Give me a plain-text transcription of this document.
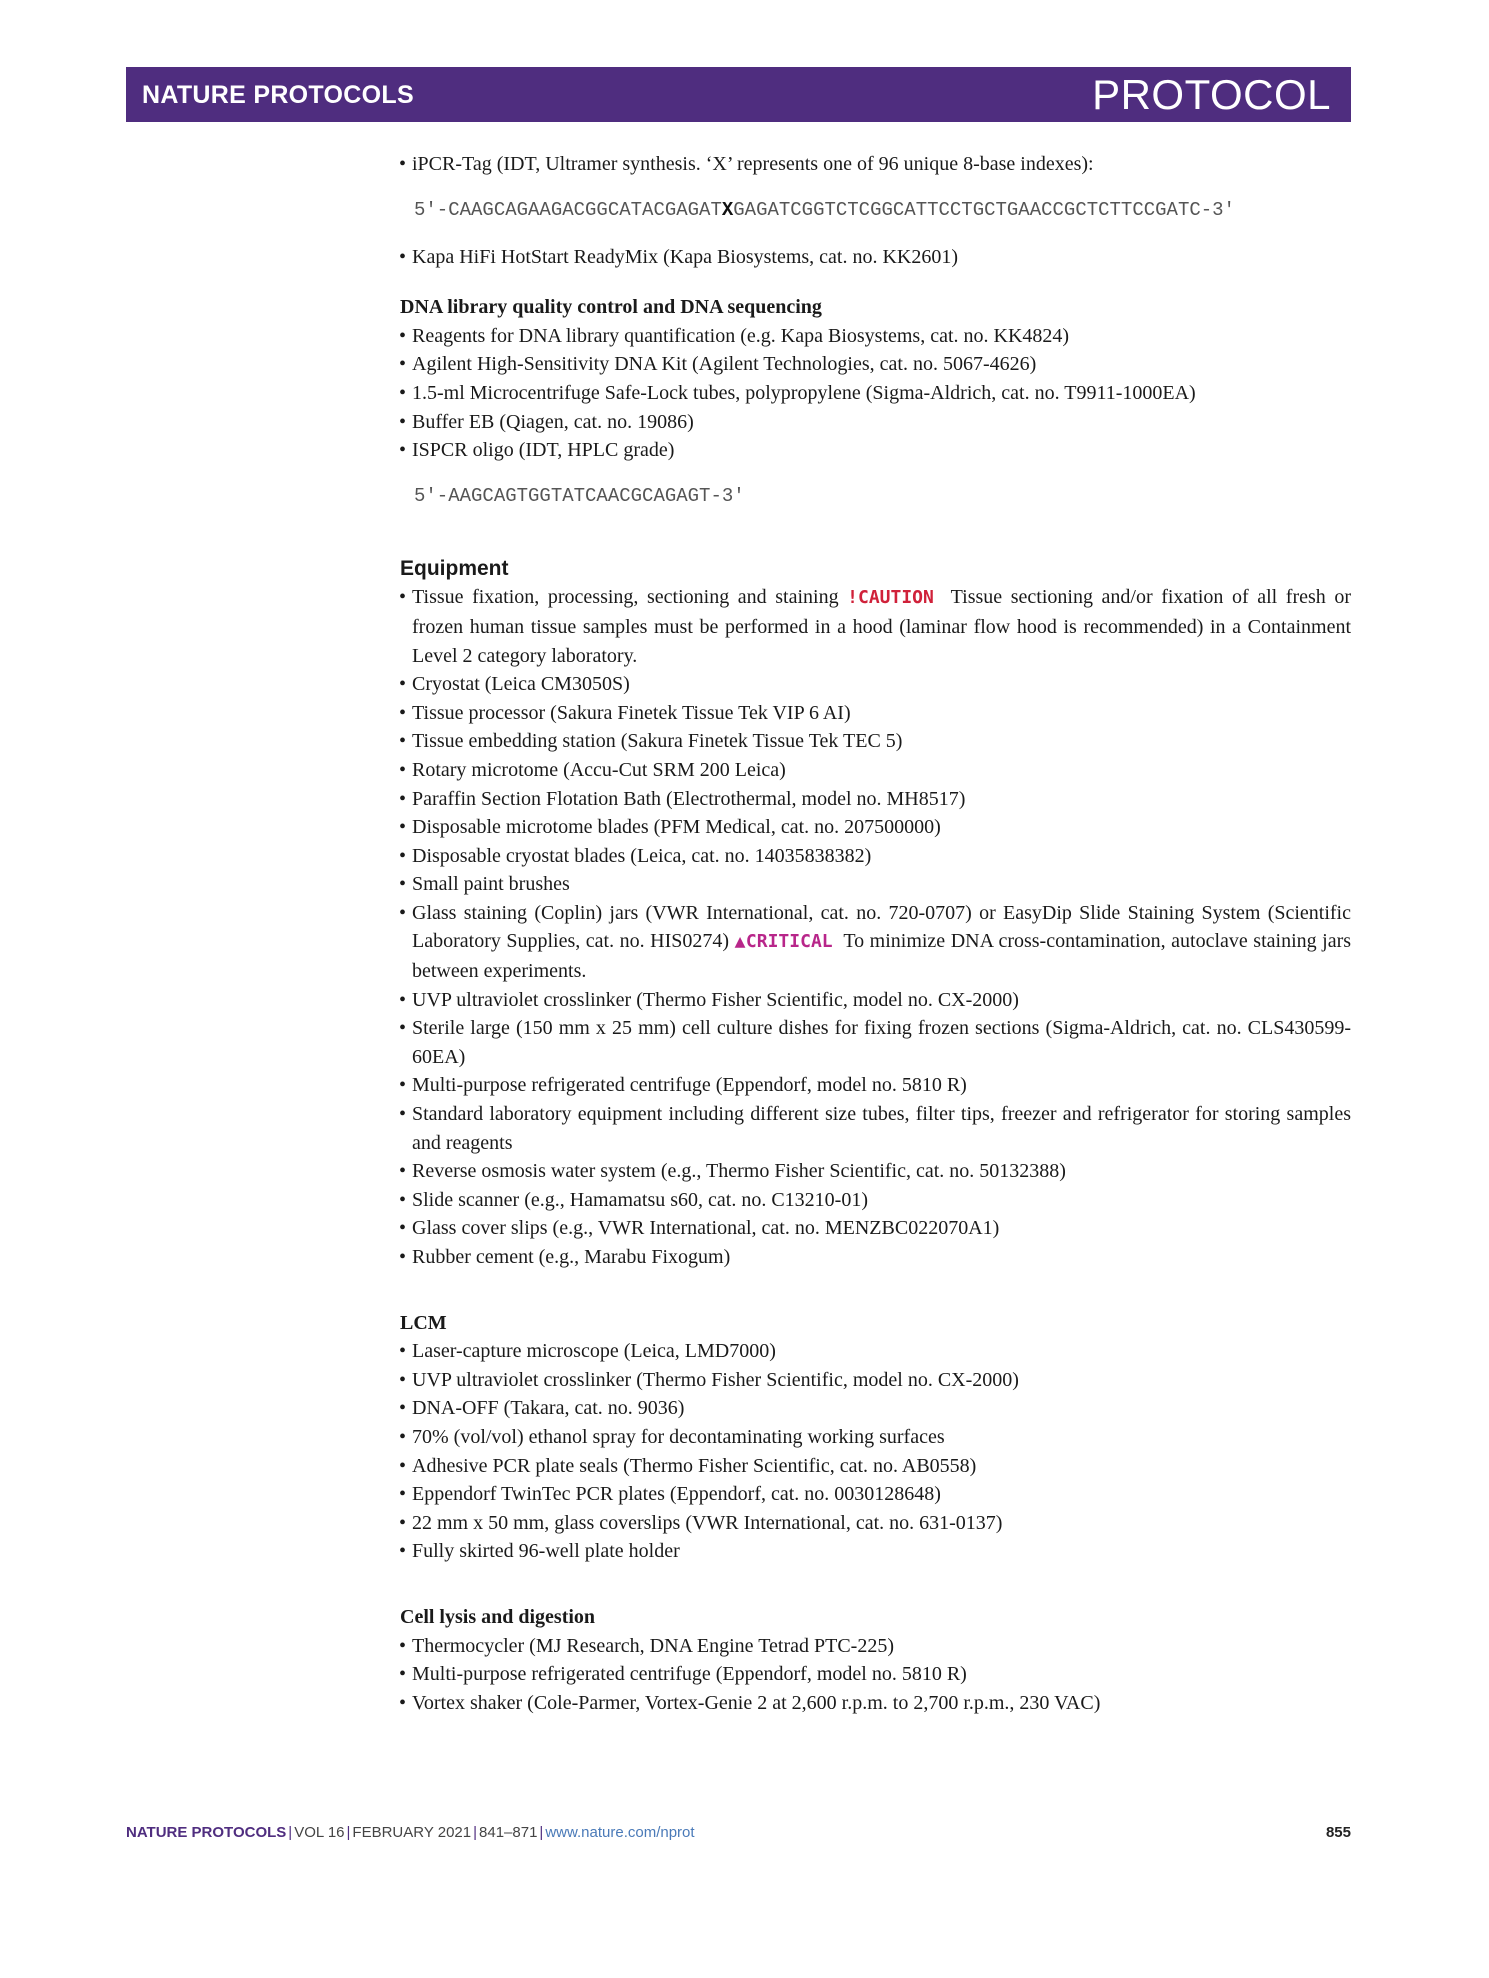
NATURE PROTOCOLS	PROTOCOL
• iPCR-Tag (IDT, Ultramer synthesis. ‘X’ represents one of 96 unique 8-base indexes):
5′-CAAGCAGAAGACGGCATACGAGATXGAGATCGGTCTCGGCATTCCTGCTGAACCGCTCTTCCGATC-3′
• Kapa HiFi HotStart ReadyMix (Kapa Biosystems, cat. no. KK2601)
DNA library quality control and DNA sequencing
• Reagents for DNA library quantification (e.g. Kapa Biosystems, cat. no. KK4824)
• Agilent High-Sensitivity DNA Kit (Agilent Technologies, cat. no. 5067-4626)
• 1.5-ml Microcentrifuge Safe-Lock tubes, polypropylene (Sigma-Aldrich, cat. no. T9911-1000EA)
• Buffer EB (Qiagen, cat. no. 19086)
• ISPCR oligo (IDT, HPLC grade)
5′-AAGCAGTGGTATCAACGCAGAGT-3′
Equipment
• Tissue fixation, processing, sectioning and staining !CAUTION Tissue sectioning and/or fixation of all fresh or frozen human tissue samples must be performed in a hood (laminar flow hood is recommended) in a Containment Level 2 category laboratory.
• Cryostat (Leica CM3050S)
• Tissue processor (Sakura Finetek Tissue Tek VIP 6 AI)
• Tissue embedding station (Sakura Finetek Tissue Tek TEC 5)
• Rotary microtome (Accu-Cut SRM 200 Leica)
• Paraffin Section Flotation Bath (Electrothermal, model no. MH8517)
• Disposable microtome blades (PFM Medical, cat. no. 207500000)
• Disposable cryostat blades (Leica, cat. no. 14035838382)
• Small paint brushes
• Glass staining (Coplin) jars (VWR International, cat. no. 720-0707) or EasyDip Slide Staining System (Scientific Laboratory Supplies, cat. no. HIS0274) ▲CRITICAL To minimize DNA cross-contamination, autoclave staining jars between experiments.
• UVP ultraviolet crosslinker (Thermo Fisher Scientific, model no. CX-2000)
• Sterile large (150 mm x 25 mm) cell culture dishes for fixing frozen sections (Sigma-Aldrich, cat. no. CLS430599-60EA)
• Multi-purpose refrigerated centrifuge (Eppendorf, model no. 5810 R)
• Standard laboratory equipment including different size tubes, filter tips, freezer and refrigerator for storing samples and reagents
• Reverse osmosis water system (e.g., Thermo Fisher Scientific, cat. no. 50132388)
• Slide scanner (e.g., Hamamatsu s60, cat. no. C13210-01)
• Glass cover slips (e.g., VWR International, cat. no. MENZBC022070A1)
• Rubber cement (e.g., Marabu Fixogum)
LCM
• Laser-capture microscope (Leica, LMD7000)
• UVP ultraviolet crosslinker (Thermo Fisher Scientific, model no. CX-2000)
• DNA-OFF (Takara, cat. no. 9036)
• 70% (vol/vol) ethanol spray for decontaminating working surfaces
• Adhesive PCR plate seals (Thermo Fisher Scientific, cat. no. AB0558)
• Eppendorf TwinTec PCR plates (Eppendorf, cat. no. 0030128648)
• 22 mm x 50 mm, glass coverslips (VWR International, cat. no. 631-0137)
• Fully skirted 96-well plate holder
Cell lysis and digestion
• Thermocycler (MJ Research, DNA Engine Tetrad PTC-225)
• Multi-purpose refrigerated centrifuge (Eppendorf, model no. 5810 R)
• Vortex shaker (Cole-Parmer, Vortex-Genie 2 at 2,600 r.p.m. to 2,700 r.p.m., 230 VAC)
NATURE PROTOCOLS | VOL 16 | FEBRUARY 2021 | 841–871 | www.nature.com/nprot	855
